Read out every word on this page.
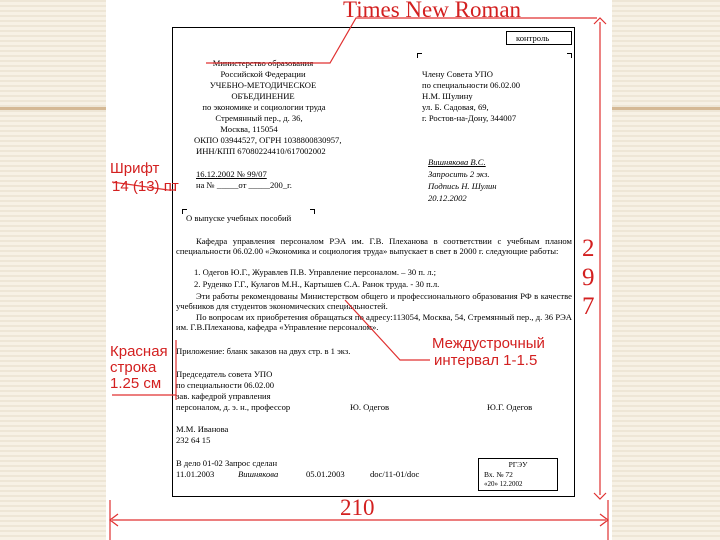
контроль
Министерство образования
Российской Федерации
УЧЕБНО-МЕТОДИЧЕСКОЕ
ОБЪЕДИНЕНИЕ
по экономике и социологии труда
Стремянный пер., д. 36,
Москва, 115054
ОКПО 03944527, ОГРН 1038800830957,
ИНН/КПП 67080224410/617002002
Члену Совета УПО
по специальности 06.02.00
Н.М. Шулину
ул. Б. Садовая, 69,
г. Ростов-на-Дону, 344007
Вишнякова В.С.
Запросить 2 экз.
Подпись Н. Шулин
20.12.2002
16.12.2002 № 99/07
на № _____от _____200_г.
О выпуске учебных пособий
Кафедра управления персоналом РЭА им. Г.В. Плеханова в соответствии с учебным планом специальности 06.02.00 «Экономика и социология труда» выпускает в свет в 2000 г. следующие работы:
1. Одегов Ю.Г., Журавлев П.В. Управление персоналом. – 30 п. л.;
2. Руденко Г.Г., Кулагов М.Н., Картышев С.А. Ранок труда. - 30 п.л.
Эти работы рекомендованы Министерством общего и профессионального образования РФ в качестве учебников для студентов экономических специальностей.
По вопросам их приобретения обращаться по адресу:113054, Москва, 54, Стремянный пер., д. 36 РЭА им. Г.В.Плеханова, кафедра «Управление персоналом».
Приложение: бланк заказов на двух стр. в 1 экз.
Председатель совета УПО
по специальности 06.02.00
зав. кафедрой управления
персоналом, д. э. н., профессор	Ю. Одегов	Ю.Г. Одегов
М.М. Иванова
232 64 15
В дело 01-02 Запрос сделан
11.01.2003	Вишнякова	05.01.2003	doc/11-01/doc
РГЭУ
Вх. № 72
«20» 12.2002
Times New Roman
Шрифт
14 (13) пт
Красная
строка
1.25 см
Междустрочный
интервал 1-1.5
2
9
7
210
